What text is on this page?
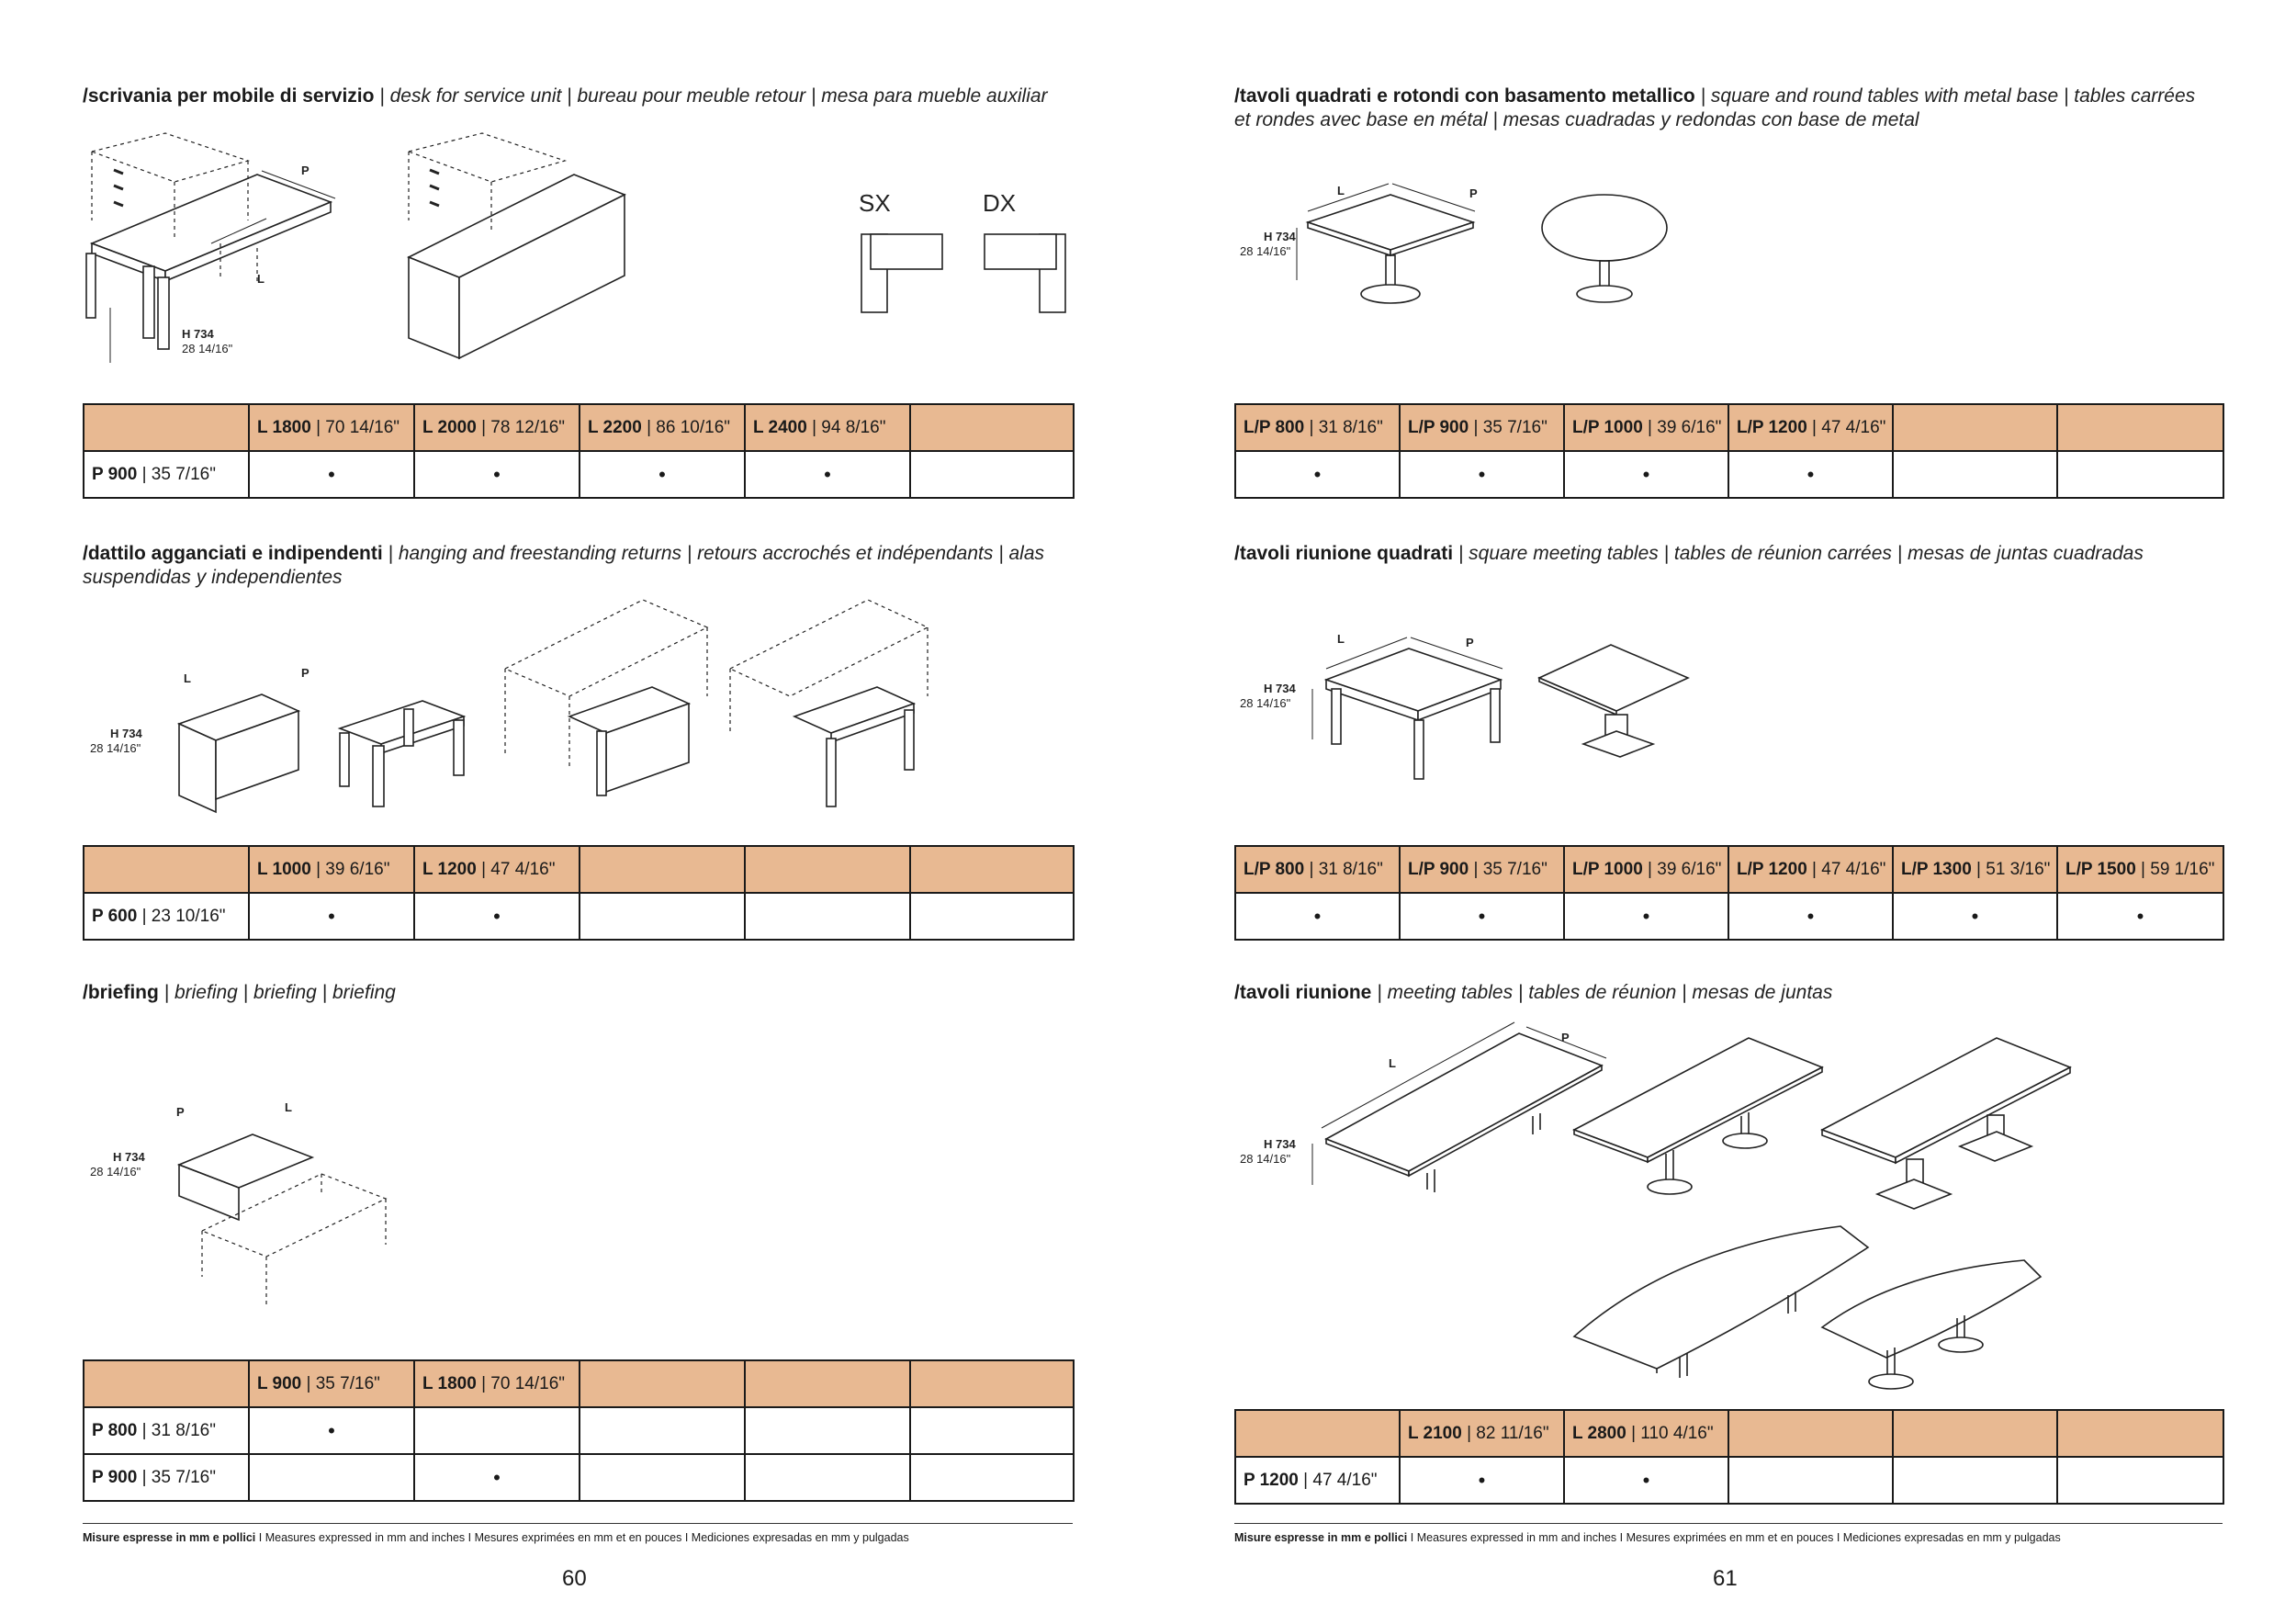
/scrivania per mobile di servizio | desk for service unit | bureau pour meuble retour | mesa para mueble auxiliar
P
L
H 734
28 14/16"
SX	DX
	L 1800 | 70 14/16"	L 2000 | 78 12/16"	L 2200 | 86 10/16"	L 2400 | 94 8/16"	
P 900 | 35 7/16"	•	•	•	•	
/dattilo agganciati e indipendenti | hanging and freestanding returns | retours accrochés et indépendants | alas
suspendidas y independientes
L	P
H 734
28 14/16"
	L 1000 | 39 6/16"	L 1200 | 47 4/16"			
P 600 | 23 10/16"	•	•			
/briefing | briefing | briefing | briefing
P	L
H 734
28 14/16"
	L 900 | 35 7/16"	L 1800 | 70 14/16"			
P 800 | 31 8/16"	•				
P 900 | 35 7/16"		•			
Misure espresse in mm e pollici I Measures expressed in mm and inches I Mesures exprimées en mm et en pouces I Mediciones expresadas en mm y pulgadas
60
/tavoli quadrati e rotondi con basamento metallico | square and round tables with metal base | tables carrées
et rondes avec base en métal | mesas cuadradas y redondas con base de metal
L	P
H 734
28 14/16"
L/P 800 | 31 8/16"	L/P 900 | 35 7/16"	L/P 1000 | 39 6/16"	L/P 1200 | 47 4/16"		
•	•	•	•		
/tavoli riunione quadrati | square meeting tables | tables de réunion carrées | mesas de juntas cuadradas
L	P
H 734
28 14/16"
L/P 800 | 31 8/16"	L/P 900 | 35 7/16"	L/P 1000 | 39 6/16"	L/P 1200 | 47 4/16"	L/P 1300 | 51 3/16"	L/P 1500 | 59 1/16"
•	•	•	•	•	•
/tavoli riunione | meeting tables | tables de réunion | mesas de juntas
L
P
H 734
28 14/16"
	L 2100 | 82 11/16"	L 2800 | 110 4/16"			
P 1200 | 47 4/16"	•	•			
Misure espresse in mm e pollici I Measures expressed in mm and inches I Mesures exprimées en mm et en pouces I Mediciones expresadas en mm y pulgadas
61
